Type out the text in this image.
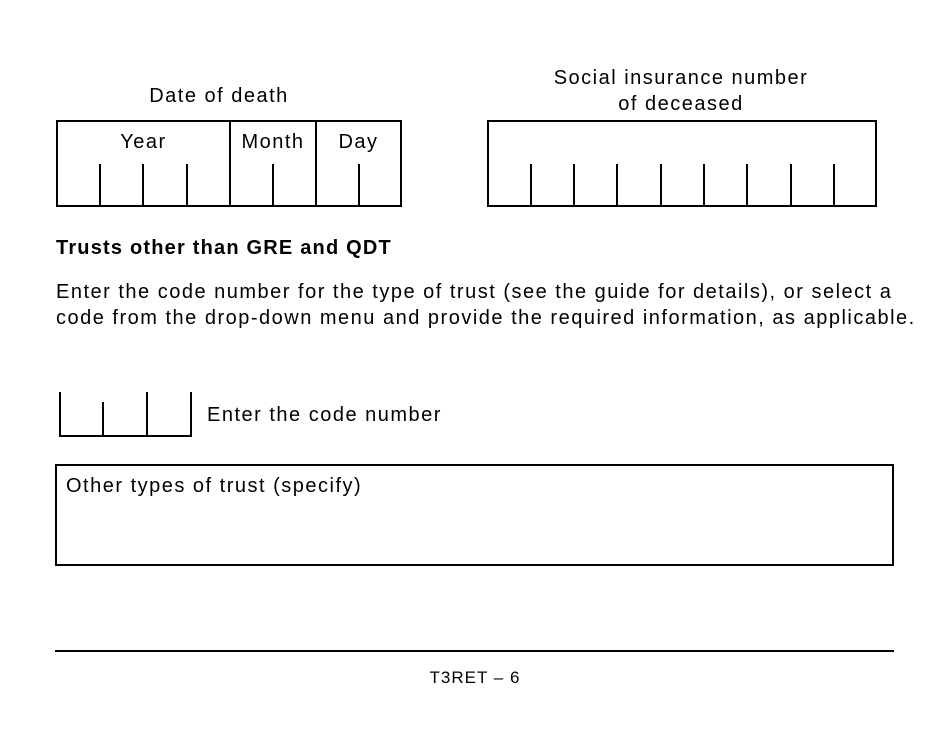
Date of death
Year	Month	Day
Social insurance number
of deceased
Trusts other than GRE and QDT
Enter the code number for the type of trust (see the guide for details), or select a code from the drop-down menu and provide the required information, as applicable.
Enter the code number
Other types of trust (specify)
T3RET – 6
